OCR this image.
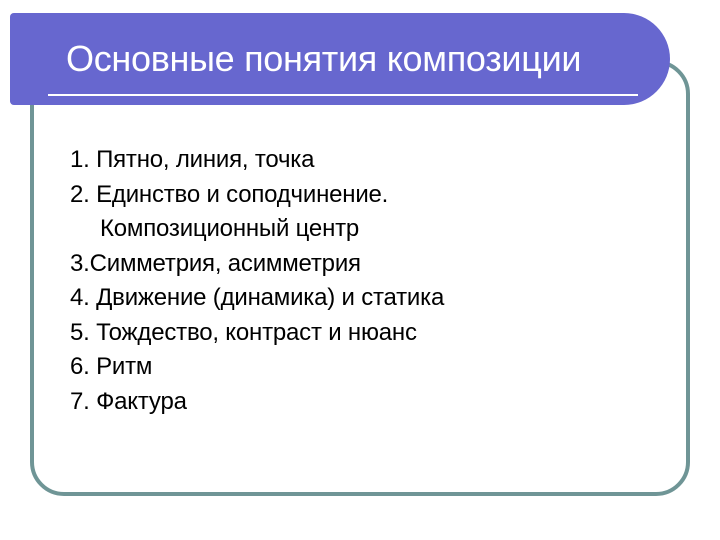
Основные понятия композиции
1. Пятно, линия, точка
2. Единство и соподчинение.
Композиционный центр
3.Симметрия, асимметрия
4. Движение (динамика) и статика
5. Тождество, контраст и нюанс
6. Ритм
7. Фактура
